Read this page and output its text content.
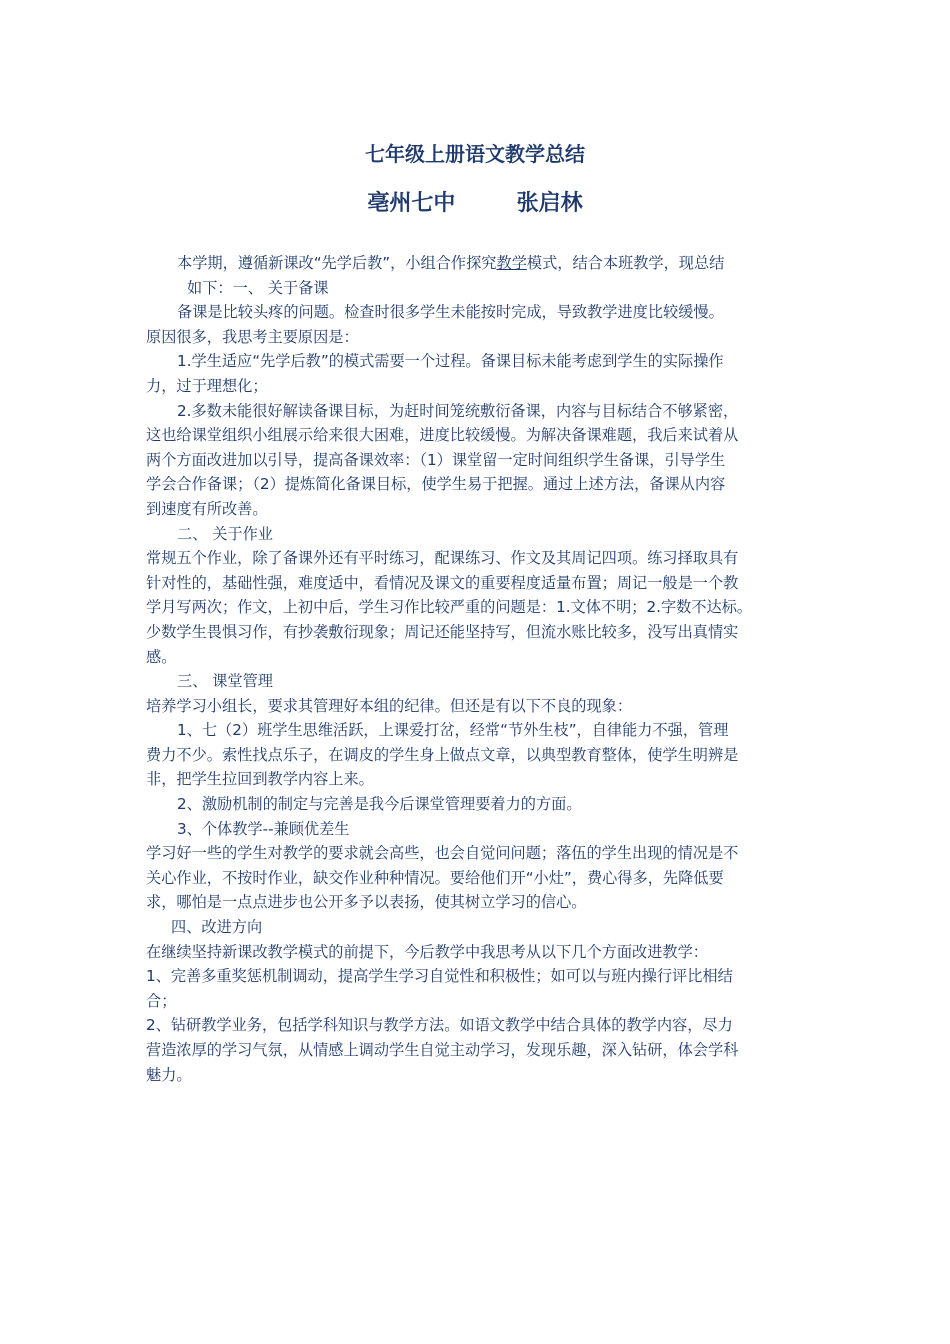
七年级上册语文教学总结
亳州七中        张启林

本学期，遵循新课改“先学后教”，小组合作探究教学模式，结合本班教学，现总结

如下：一、 关于备课

备课是比较头疼的问题。检查时很多学生未能按时完成，导致教学进度比较缓慢。

原因很多，我思考主要原因是：

1.学生适应“先学后教”的模式需要一个过程。备课目标未能考虑到学生的实际操作

力，过于理想化；

2.多数未能很好解读备课目标，为赶时间笼统敷衍备课，内容与目标结合不够紧密，

这也给课堂组织小组展示给来很大困难，进度比较缓慢。为解决备课难题，我后来试着从

两个方面改进加以引导，提高备课效率：（1）课堂留一定时间组织学生备课，引导学生

学会合作备课；（2）提炼简化备课目标，使学生易于把握。通过上述方法，备课从内容

到速度有所改善。

二、 关于作业

常规五个作业，除了备课外还有平时练习，配课练习、作文及其周记四项。练习择取具有

针对性的，基础性强，难度适中，看情况及课文的重要程度适量布置；周记一般是一个教

学月写两次；作文，上初中后，学生习作比较严重的问题是：1.文体不明；2.字数不达标。

少数学生畏惧习作，有抄袭敷衍现象；周记还能坚持写，但流水账比较多，没写出真情实

感。

三、 课堂管理

培养学习小组长，要求其管理好本组的纪律。但还是有以下不良的现象：

1、七（2）班学生思维活跃，上课爱打岔，经常“节外生枝”，自律能力不强，管理

费力不少。索性找点乐子，在调皮的学生身上做点文章，以典型教育整体，使学生明辨是

非，把学生拉回到教学内容上来。

2、激励机制的制定与完善是我今后课堂管理要着力的方面。

3、个体教学--兼顾优差生

学习好一些的学生对教学的要求就会高些，也会自觉问问题；落伍的学生出现的情况是不

关心作业，不按时作业，缺交作业种种情况。要给他们开“小灶”，费心得多，先降低要

求，哪怕是一点点进步也公开多予以表扬，使其树立学习的信心。

四、改进方向

在继续坚持新课改教学模式的前提下，今后教学中我思考从以下几个方面改进教学：

1、完善多重奖惩机制调动，提高学生学习自觉性和积极性；如可以与班内操行评比相结

合；

2、钻研教学业务，包括学科知识与教学方法。如语文教学中结合具体的教学内容，尽力

营造浓厚的学习气氛，从情感上调动学生自觉主动学习，发现乐趣，深入钻研，体会学科

魅力。
